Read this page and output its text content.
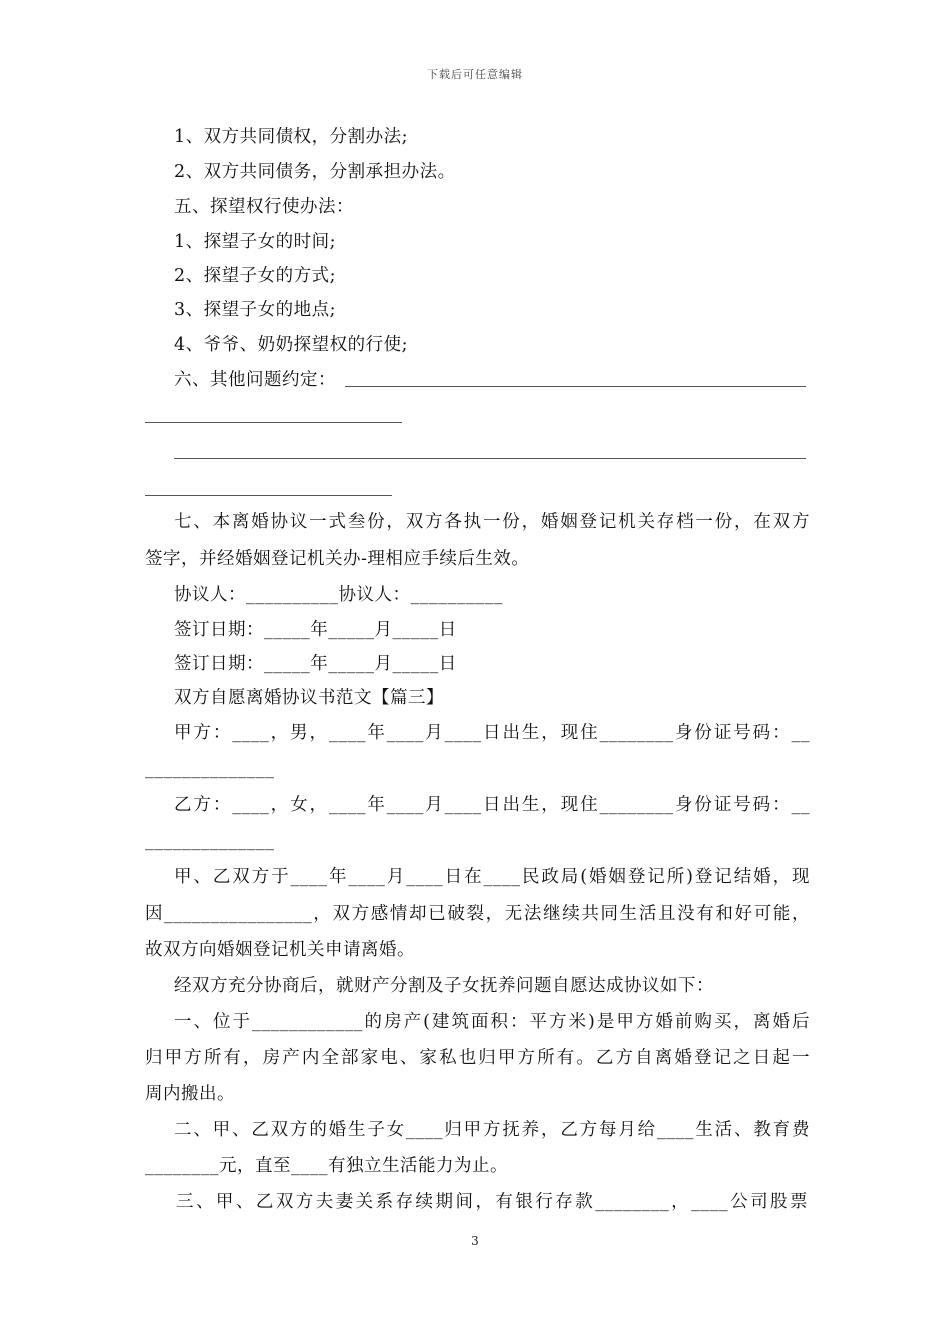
下载后可任意编辑
1、双方共同债权，分割办法;
2、双方共同债务，分割承担办法。
五、探望权行使办法：
1、探望子女的时间;
2、探望子女的方式;
3、探望子女的地点;
4、爷爷、奶奶探望权的行使;
六、其他问题约定：
七、本离婚协议一式叁份，双方各执一份，婚姻登记机关存档一份，在双方
签字，并经婚姻登记机关办-理相应手续后生效。
协议人：__________协议人：__________
签订日期：_____年_____月_____日
签订日期：_____年_____月_____日
双方自愿离婚协议书范文【篇三】
甲方：____，男，____年____月____日出生，现住________身份证号码：__
______________
乙方：____，女，____年____月____日出生，现住________身份证号码：__
______________
甲、乙双方于____年____月____日在____民政局(婚姻登记所)登记结婚，现
因________________，双方感情却已破裂，无法继续共同生活且没有和好可能，
故双方向婚姻登记机关申请离婚。
经双方充分协商后，就财产分割及子女抚养问题自愿达成协议如下：
一、位于____________的房产(建筑面积：平方米)是甲方婚前购买，离婚后
归甲方所有，房产内全部家电、家私也归甲方所有。乙方自离婚登记之日起一
周内搬出。
二、甲、乙双方的婚生子女____归甲方抚养，乙方每月给____生活、教育费
________元，直至____有独立生活能力为止。
三、甲、乙双方夫妻关系存续期间，有银行存款________，____公司股票
3
